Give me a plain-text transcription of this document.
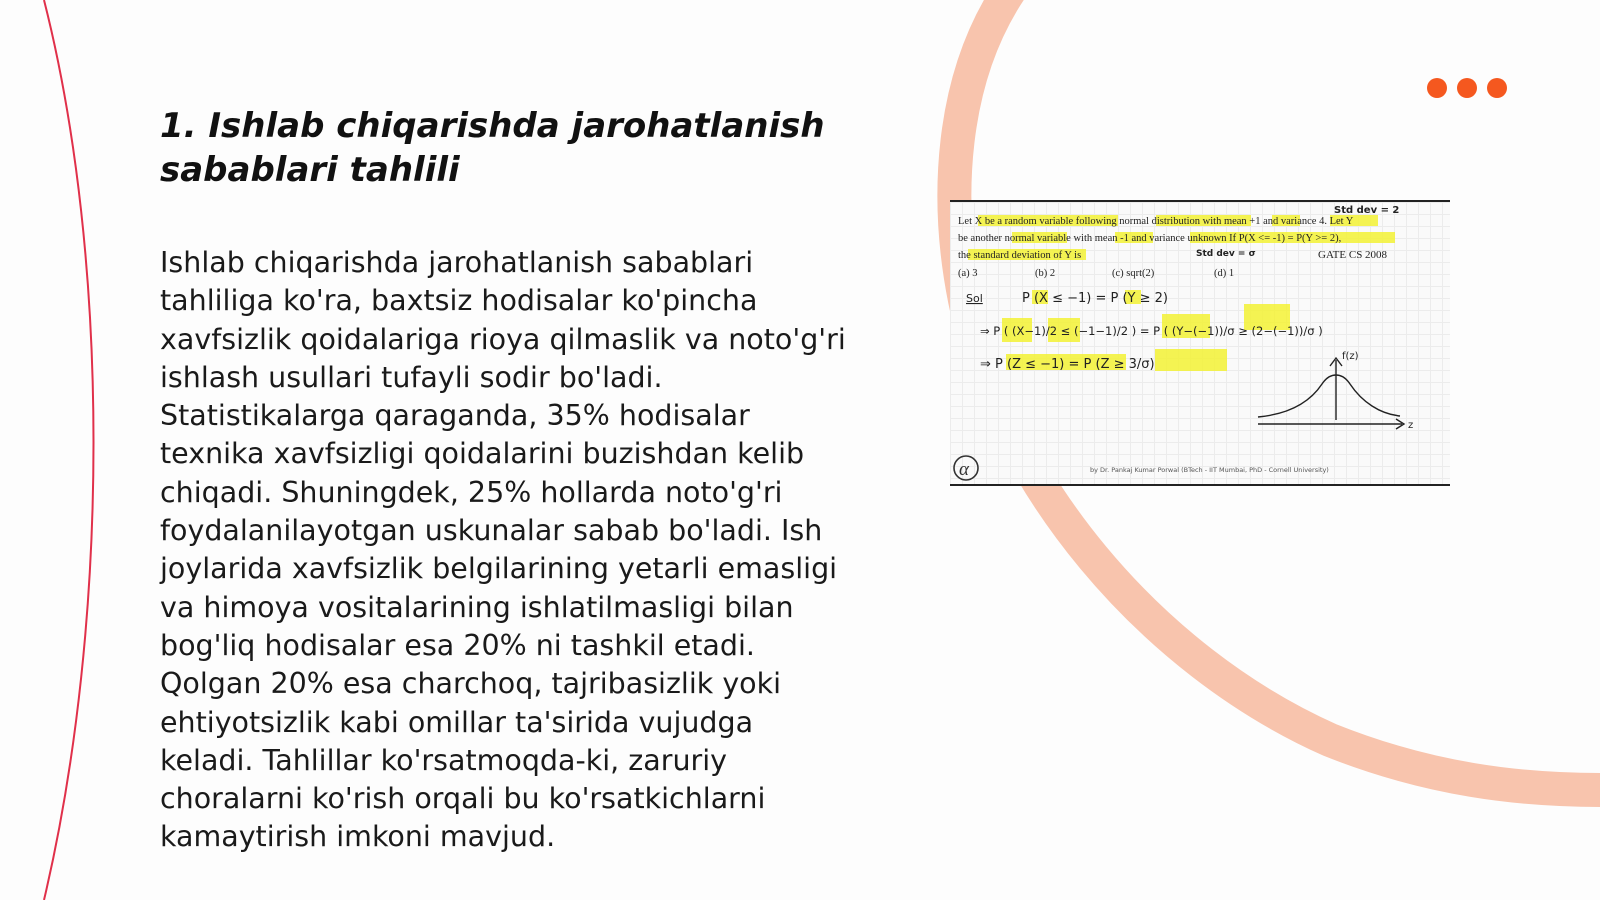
1. Ishlab chiqarishda jarohatlanish sabablari tahlili

Ishlab chiqarishda jarohatlanish sabablari tahliliga ko'ra, baxtsiz hodisalar ko'pincha xavfsizlik qoidalariga rioya qilmaslik va noto'g'ri ishlash usullari tufayli sodir bo'ladi. Statistikalarga qaraganda, 35% hodisalar texnika xavfsizligi qoidalarini buzishdan kelib chiqadi. Shuningdek, 25% hollarda noto'g'ri foydalanilayotgan uskunalar sabab bo'ladi. Ish joylarida xavfsizlik belgilarining yetarli emasligi va himoya vositalarining ishlatilmasligi bilan bog'liq hodisalar esa 20% ni tashkil etadi. Qolgan 20% esa charchoq, tajribasizlik yoki ehtiyotsizlik kabi omillar ta'sirida vujudga keladi. Tahlillar ko'rsatmoqda-ki, zaruriy choralarni ko'rish orqali bu ko'rsatkichlarni kamaytirish imkoni mavjud.

Let X be a random variable following normal distribution with mean +1 and variance 4. Let Y
be another normal variable with mean -1 and variance unknown If P(X <= -1) = P(Y >= 2),
the standard deviation of Y is	GATE CS 2008
Std dev = 2
Std dev = σ
(a) 3	(b) 2	(c) sqrt(2)	(d) 1
Sol	P (X ≤ −1) = P (Y ≥ 2)
⇒ P ( (X−1)/2 ≤ (−1−1)/2 ) = P ( (Y−(−1))/σ ≥ (2−(−1))/σ )
⇒ P (Z ≤ −1) = P (Z ≥ 3/σ)
f(z)
z
α	by Dr. Pankaj Kumar Porwal (BTech - IIT Mumbai, PhD - Cornell University)
